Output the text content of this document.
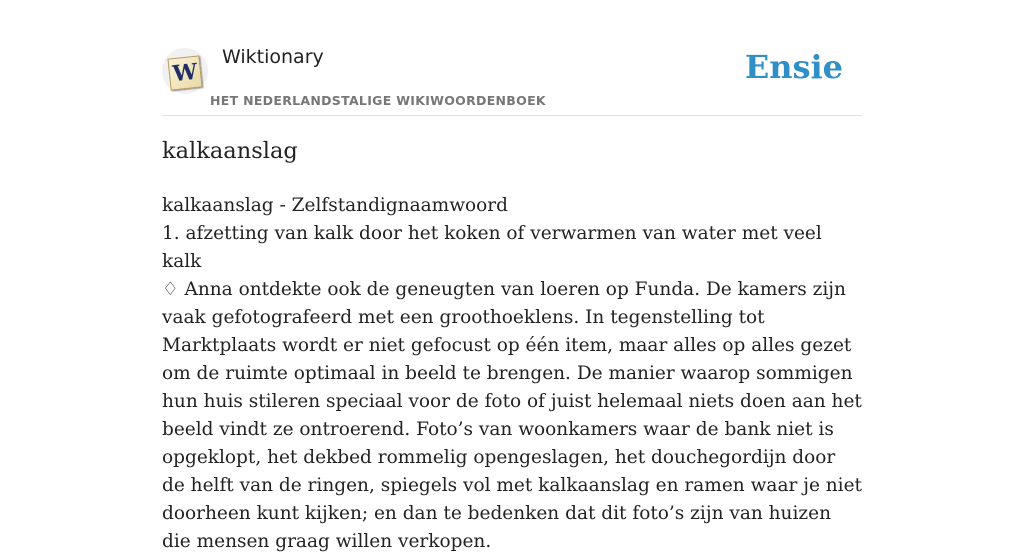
W
Wiktionary
HET NEDERLANDSTALIGE WIKIWOORDENBOEK
Ensie
kalkaanslag

kalkaanslag - Zelfstandignaamwoord

1. afzetting van kalk door het koken of verwarmen van water met veel kalk

♢ Anna ontdekte ook de geneugten van loeren op Funda. De kamers zijn vaak gefotografeerd met een groothoeklens. In tegenstelling tot Marktplaats wordt er niet gefocust op één item, maar alles op alles gezet om de ruimte optimaal in beeld te brengen. De manier waarop sommigen hun huis stileren speciaal voor de foto of juist helemaal niets doen aan het beeld vindt ze ontroerend. Foto’s van woonkamers waar de bank niet is opgeklopt, het dekbed rommelig opengeslagen, het douchegordijn door de helft van de ringen, spiegels vol met kalkaanslag en ramen waar je niet doorheen kunt kijken; en dan te bedenken dat dit foto’s zijn van huizen die mensen graag willen verkopen.
